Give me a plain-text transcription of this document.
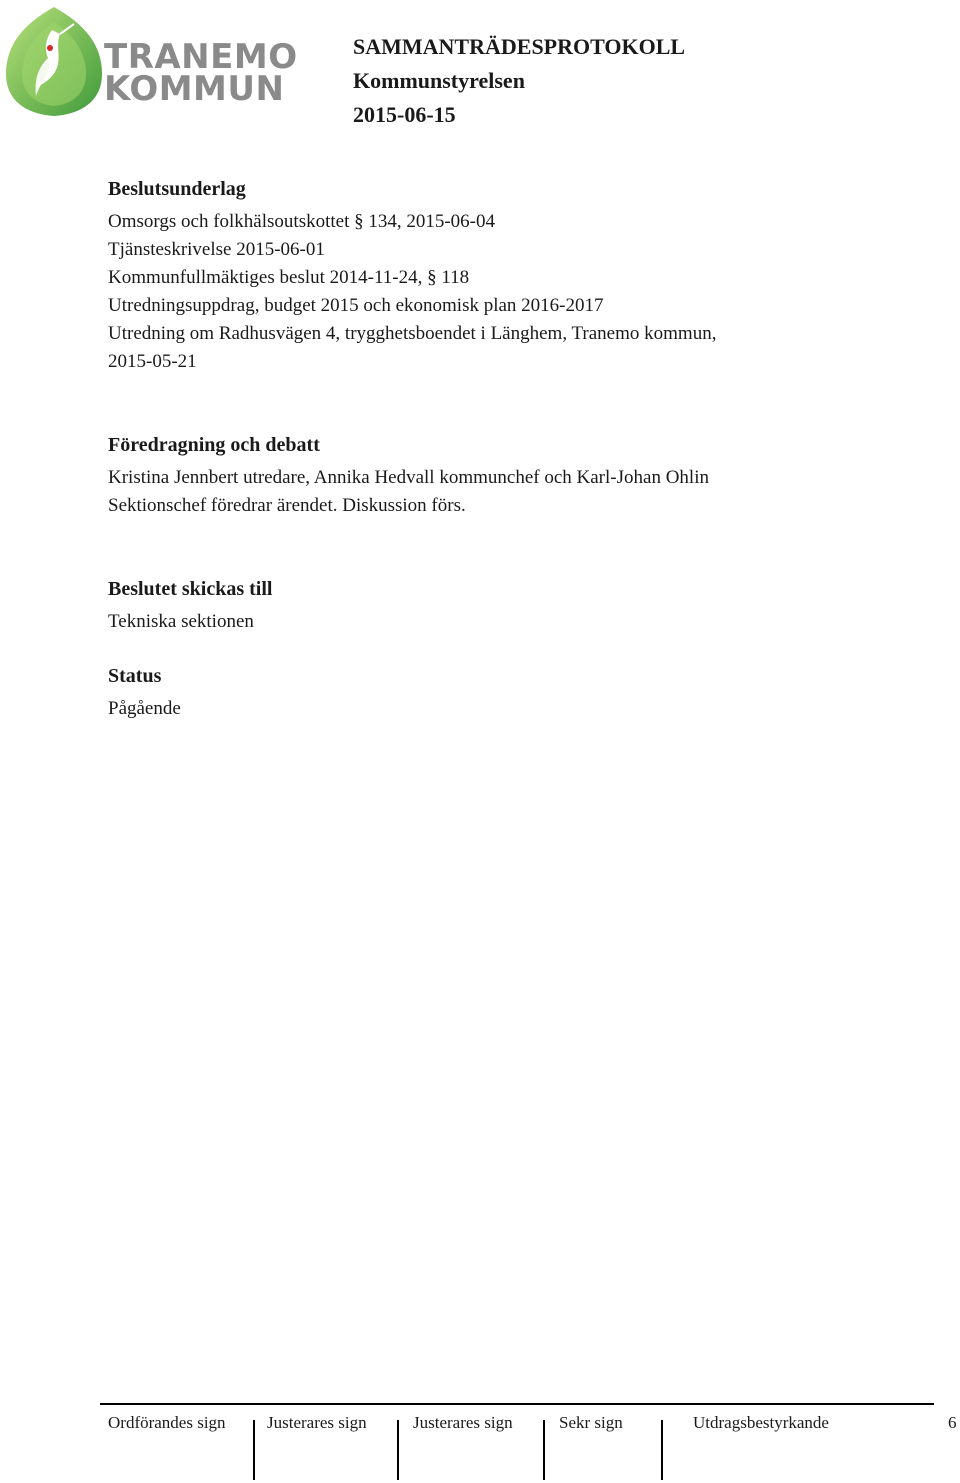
TRANEMO
KOMMUN
SAMMANTRÄDESPROTOKOLL
Kommunstyrelsen
2015-06-15

Beslutsunderlag

Omsorgs och folkhälsoutskottet § 134, 2015-06-04

Tjänsteskrivelse 2015-06-01

Kommunfullmäktiges beslut 2014-11-24, § 118

Utredningsuppdrag, budget 2015 och ekonomisk plan 2016-2017

Utredning om Radhusvägen 4, trygghetsboendet i Länghem, Tranemo kommun,

2015-05-21

Föredragning och debatt

Kristina Jennbert utredare, Annika Hedvall kommunchef och Karl-Johan Ohlin

Sektionschef föredrar ärendet. Diskussion förs.

Beslutet skickas till

Tekniska sektionen

Status

Pågående

Ordförandes sign Justerares sign	Justerares sign	Sekr sign	Utdragsbestyrkande	6
